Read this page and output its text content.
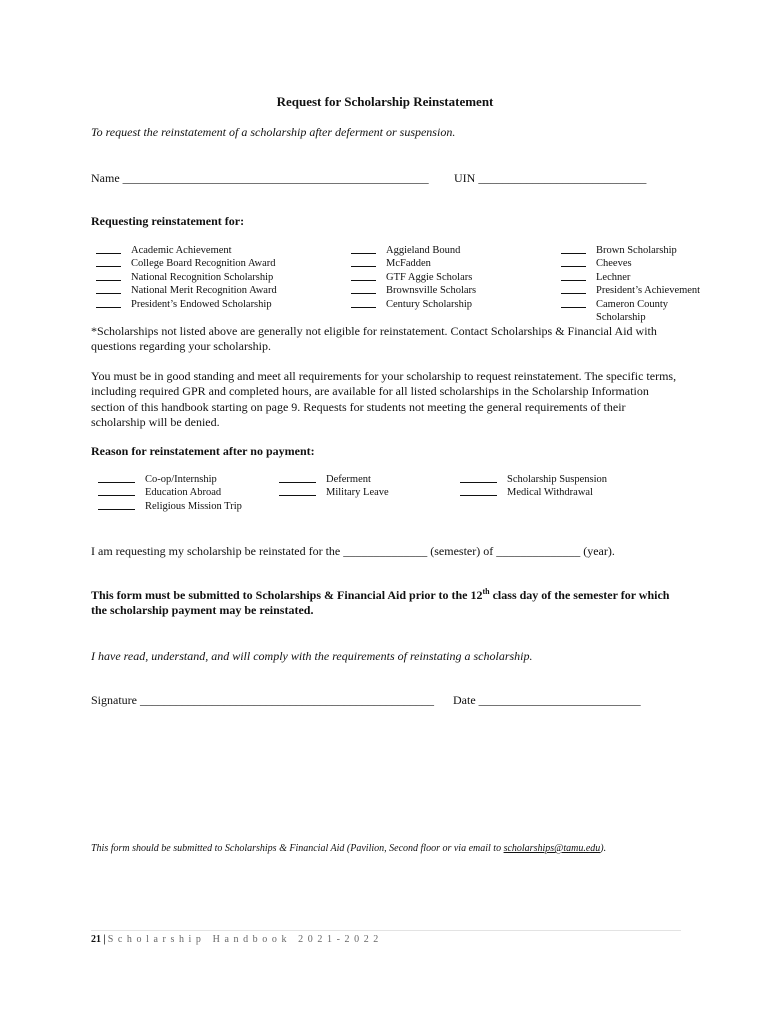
Request for Scholarship Reinstatement
To request the reinstatement of a scholarship after deferment or suspension.
Name ___________________________________________________ UIN ____________________________
Requesting reinstatement for:
Academic Achievement
College Board Recognition Award
National Recognition Scholarship
National Merit Recognition Award
President’s Endowed Scholarship
Aggieland Bound
McFadden
GTF Aggie Scholars
Brownsville Scholars
Century Scholarship
Brown Scholarship
Cheeves
Lechner
President’s Achievement
Cameron County
Scholarship
*Scholarships not listed above are generally not eligible for reinstatement. Contact Scholarships & Financial Aid with questions regarding your scholarship.
You must be in good standing and meet all requirements for your scholarship to request reinstatement. The specific terms, including required GPR and completed hours, are available for all listed scholarships in the Scholarship Information section of this handbook starting on page 9. Requests for students not meeting the general requirements of their scholarship will be denied.
Reason for reinstatement after no payment:
Co-op/Internship
Education Abroad
Religious Mission Trip
Deferment
Military Leave
Scholarship Suspension
Medical Withdrawal
I am requesting my scholarship be reinstated for the ______________ (semester) of ______________ (year).
This form must be submitted to Scholarships & Financial Aid prior to the 12th class day of the semester for which the scholarship payment may be reinstated.
I have read, understand, and will comply with the requirements of reinstating a scholarship.
Signature _________________________________________________ Date ___________________________
This form should be submitted to Scholarships & Financial Aid (Pavilion, Second floor or via email to scholarships@tamu.edu).
21 | Scholarship Handbook 2021-2022
